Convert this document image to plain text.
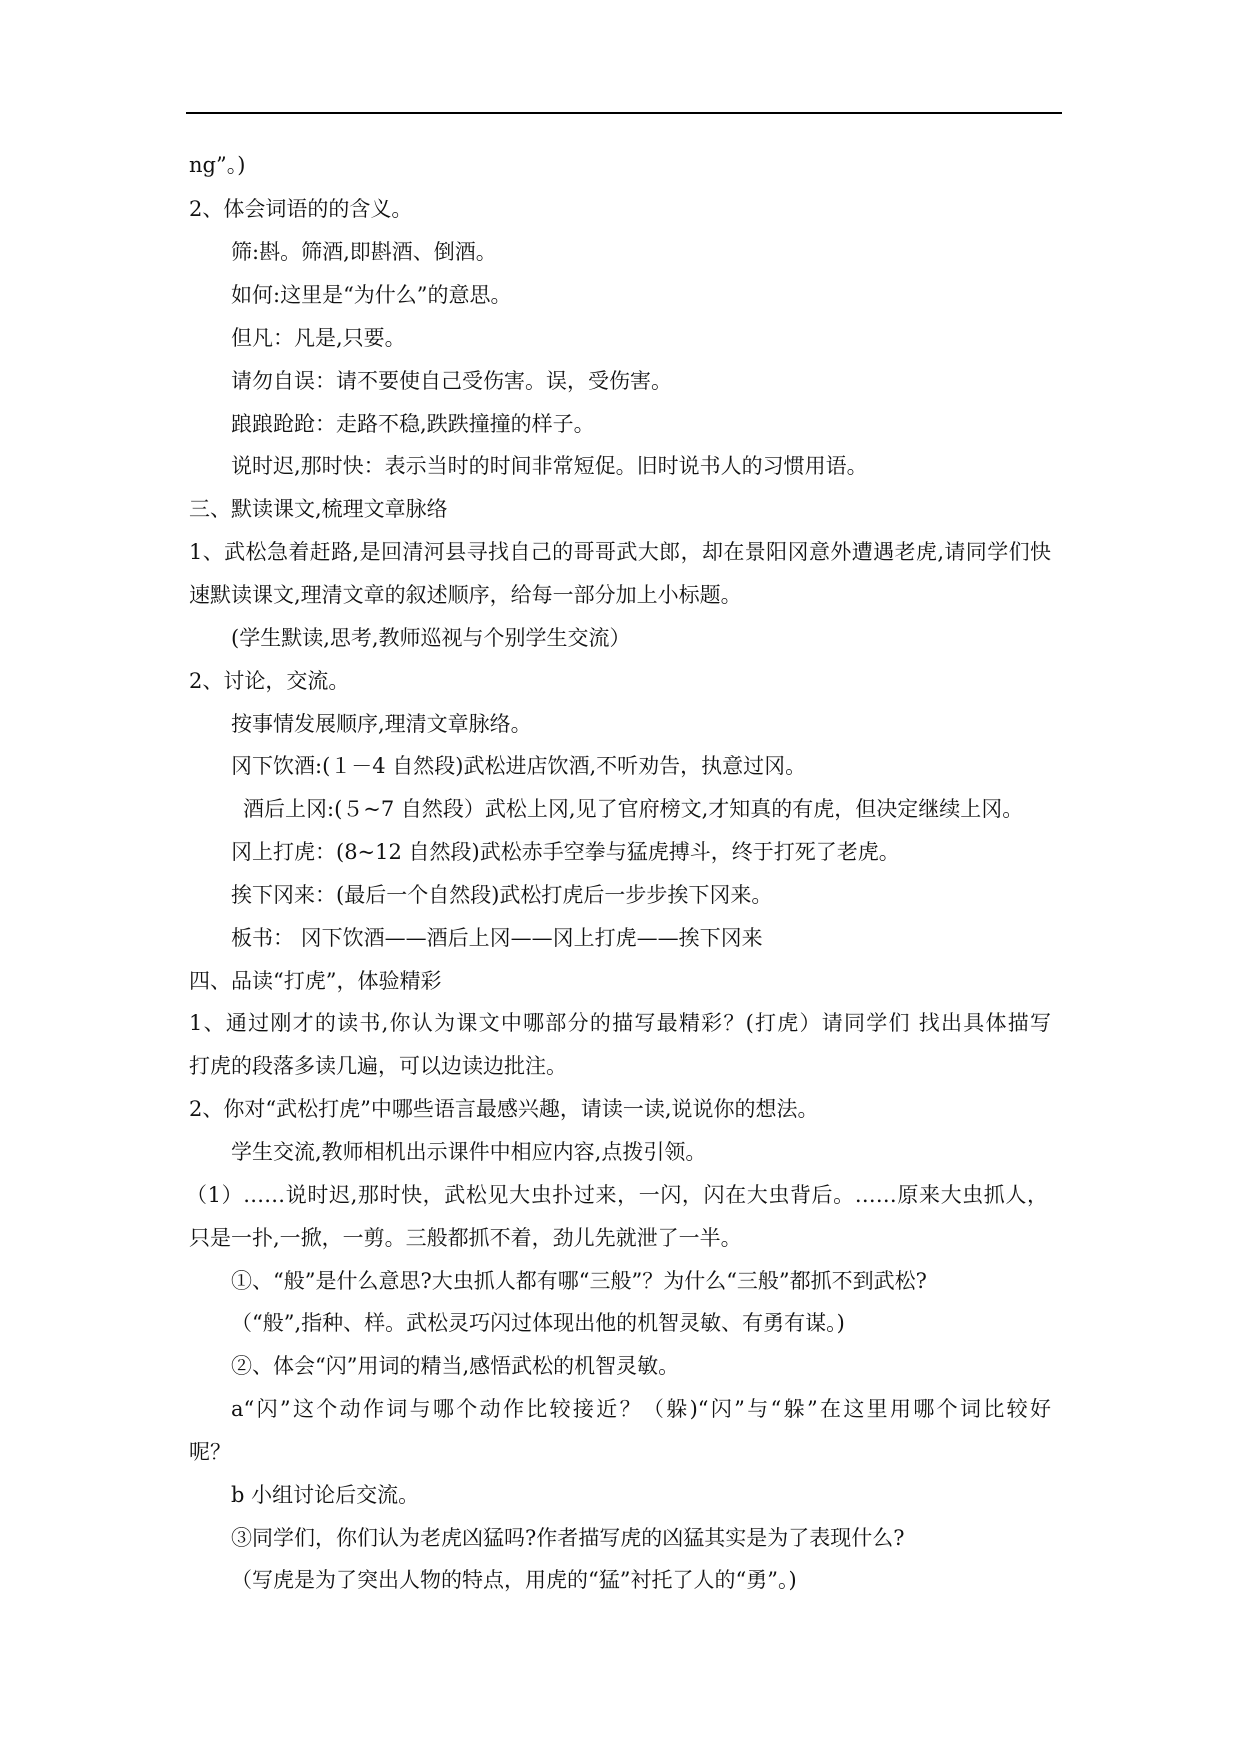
ng”。)
2、体会词语的的含义。
筛:斟。筛酒,即斟酒、倒酒。
如何:这里是“为什么”的意思。
但凡：凡是,只要。
请勿自误：请不要使自己受伤害。误，受伤害。
踉踉跄跄：走路不稳,跌跌撞撞的样子。
说时迟,那时快：表示当时的时间非常短促。旧时说书人的习惯用语。
三、默读课文,梳理文章脉络
1、武松急着赶路,是回清河县寻找自己的哥哥武大郎，却在景阳冈意外遭遇老虎,请同学们快
速默读课文,理清文章的叙述顺序，给每一部分加上小标题。
(学生默读,思考,教师巡视与个别学生交流）
2、讨论，交流。
按事情发展顺序,理清文章脉络。
冈下饮酒:(１－4 自然段)武松进店饮酒,不听劝告，执意过冈。
酒后上冈:(５~7 自然段）武松上冈,见了官府榜文,才知真的有虎，但决定继续上冈。
冈上打虎：(8~12 自然段)武松赤手空拳与猛虎搏斗，终于打死了老虎。
挨下冈来：(最后一个自然段)武松打虎后一步步挨下冈来。
板书： 冈下饮酒——酒后上冈——冈上打虎——挨下冈来
四、品读“打虎”，体验精彩
1、通过刚才的读书,你认为课文中哪部分的描写最精彩？(打虎）请同学们 找出具体描写
打虎的段落多读几遍，可以边读边批注。
2、你对“武松打虎”中哪些语言最感兴趣，请读一读,说说你的想法。
学生交流,教师相机出示课件中相应内容,点拨引领。
（1）……说时迟,那时快，武松见大虫扑过来，一闪，闪在大虫背后。……原来大虫抓人，
只是一扑,一掀，一剪。三般都抓不着，劲儿先就泄了一半。
①、“般”是什么意思?大虫抓人都有哪“三般”？为什么“三般”都抓不到武松?
（“般”,指种、样。武松灵巧闪过体现出他的机智灵敏、有勇有谋。)
②、体会“闪”用词的精当,感悟武松的机智灵敏。
a“闪”这个动作词与哪个动作比较接近？（躲)“闪”与“躲”在这里用哪个词比较好
呢？
b 小组讨论后交流。
③同学们，你们认为老虎凶猛吗?作者描写虎的凶猛其实是为了表现什么?
（写虎是为了突出人物的特点，用虎的“猛”衬托了人的“勇”。)
